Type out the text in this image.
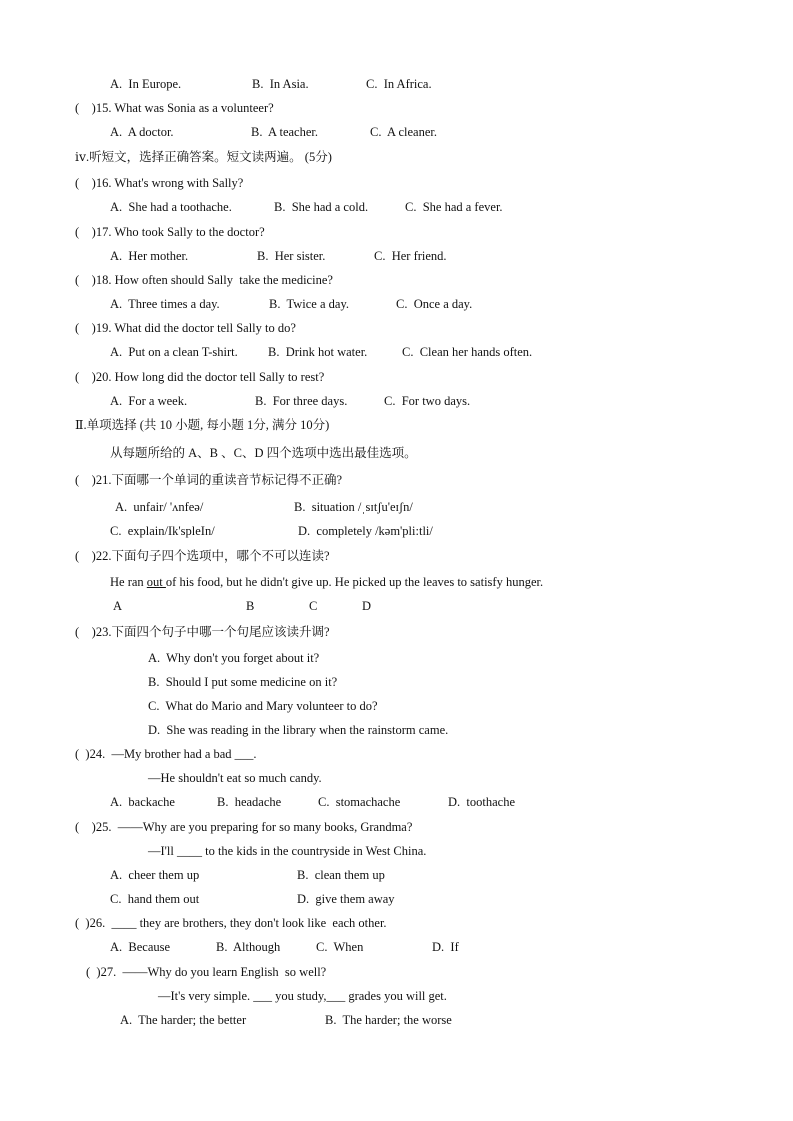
A.  In Europe.	B.  In Asia.	C.  In Africa.
(    )15. What was Sonia as a volunteer?
A.  A doctor.	B.  A teacher.	C.  A cleaner.
ⅳ.听短文，选择正确答案。短文读两遍。 (5分)
(    )16. What's wrong with Sally?
A.  She had a toothache.	B.  She had a cold.	C.  She had a fever.
(    )17. Who took Sally to the doctor?
A.  Her mother.	B.  Her sister.	C.  Her friend.
(    )18. How often should Sally  take the medicine?
A.  Three times a day.	B.  Twice a day.	C.  Once a day.
(    )19. What did the doctor tell Sally to do?
A.  Put on a clean T-shirt. B.  Drink hot water.	C.  Clean her hands often.
(    )20. How long did the doctor tell Sally to rest?
A.  For a week.	B.  For three days.	C.  For two days.
Ⅱ.单项选择 (共 10 小题, 每小题 1分, 满分 10分)
从每题所给的 A、B 、C、D 四个选项中选出最佳选项。
(    )21.下面哪一个单词的重读音节标记得不正确?
A.  unfair/ 'ʌnfeə/	B.  situation /ˌsɪtʃu'eɪʃn/
C.  explain/Ik'spleIn/	D.  completely /kəm'pli:tli/
(    )22.下面句子四个选项中，哪个不可以连读?
He ran out of his food, but he didn't give up. He picked up the leaves to satisfy hunger.
A	B	C	D
(    )23.下面四个句子中哪一个句尾应该读升调?
A.  Why don't you forget about it?
B.  Should I put some medicine on it?
C.  What do Mario and Mary volunteer to do?
D.  She was reading in the library when the rainstorm came.
(  )24.  —My brother had a bad ___.
—He shouldn't eat so much candy.
A.  backache	B.  headache	C.  stomachache	D.  toothache
(    )25.  ——Why are you preparing for so many books, Grandma?
—I'll ____ to the kids in the countryside in West China.
A.  cheer them up	B.  clean them up
C.  hand them out	D.  give them away
(  )26.  ____ they are brothers, they don't look like  each other.
A.  Because	B.  Although	C.  When	D.  If
(  )27.  ——Why do you learn English  so well?
—It's very simple. ___ you study,___ grades you will get.
A.  The harder; the better	B.  The harder; the worse
